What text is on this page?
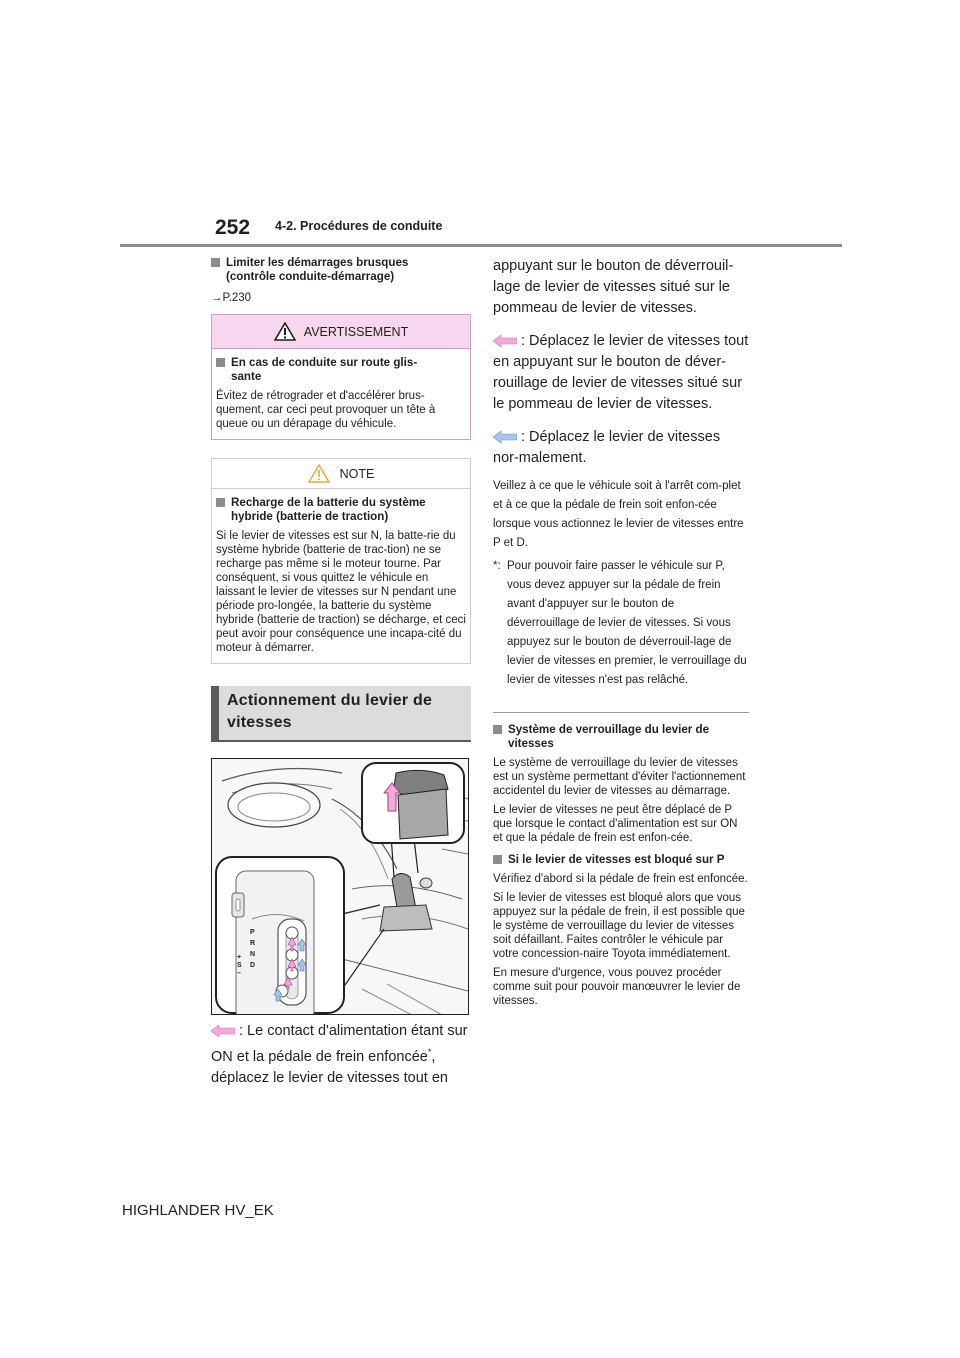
252 4-2. Procédures de conduite
Limiter les démarrages brusques
(contrôle conduite-démarrage)
→P.230
AVERTISSEMENT
En cas de conduite sur route glis-
sante
Évitez de rétrograder et d'accélérer brus-quement, car ceci peut provoquer un tête à queue ou un dérapage du véhicule.
NOTE
Recharge de la batterie du système
hybride (batterie de traction)
Si le levier de vitesses est sur N, la batte-rie du système hybride (batterie de trac-tion) ne se recharge pas même si le moteur tourne. Par conséquent, si vous quittez le véhicule en laissant le levier de vitesses sur N pendant une période pro-longée, la batterie du système hybride (batterie de traction) se décharge, et ceci peut avoir pour conséquence une incapa-cité du moteur à démarrer.
Actionnement du levier de
vitesses
P
R
N
D
S
+
–
: Le contact d'alimentation étant sur ON et la pédale de frein enfoncée*, déplacez le levier de vitesses tout en
appuyant sur le bouton de déverrouil-lage de levier de vitesses situé sur le pommeau de levier de vitesses.
: Déplacez le levier de vitesses tout en appuyant sur le bouton de déver-rouillage de levier de vitesses situé sur le pommeau de levier de vitesses.
: Déplacez le levier de vitesses nor-malement.
Veillez à ce que le véhicule soit à l'arrêt com-plet et à ce que la pédale de frein soit enfon-cée lorsque vous actionnez le levier de vitesses entre P et D.
*: Pour pouvoir faire passer le véhicule sur P, vous devez appuyer sur la pédale de frein avant d'appuyer sur le bouton de déverrouillage de levier de vitesses. Si vous appuyez sur le bouton de déverrouil-lage de levier de vitesses en premier, le verrouillage du levier de vitesses n'est pas relâché.
Système de verrouillage du levier de
vitesses
Le système de verrouillage du levier de vitesses est un système permettant d'éviter l'actionnement accidentel du levier de vitesses au démarrage.
Le levier de vitesses ne peut être déplacé de P que lorsque le contact d'alimentation est sur ON et que la pédale de frein est enfon-cée.
Si le levier de vitesses est bloqué sur P
Vérifiez d'abord si la pédale de frein est enfoncée.
Si le levier de vitesses est bloqué alors que vous appuyez sur la pédale de frein, il est possible que le système de verrouillage du levier de vitesses soit défaillant. Faites contrôler le véhicule par votre concession-naire Toyota immédiatement.
En mesure d'urgence, vous pouvez procéder comme suit pour pouvoir manœuvrer le levier de vitesses.
HIGHLANDER HV_EK
